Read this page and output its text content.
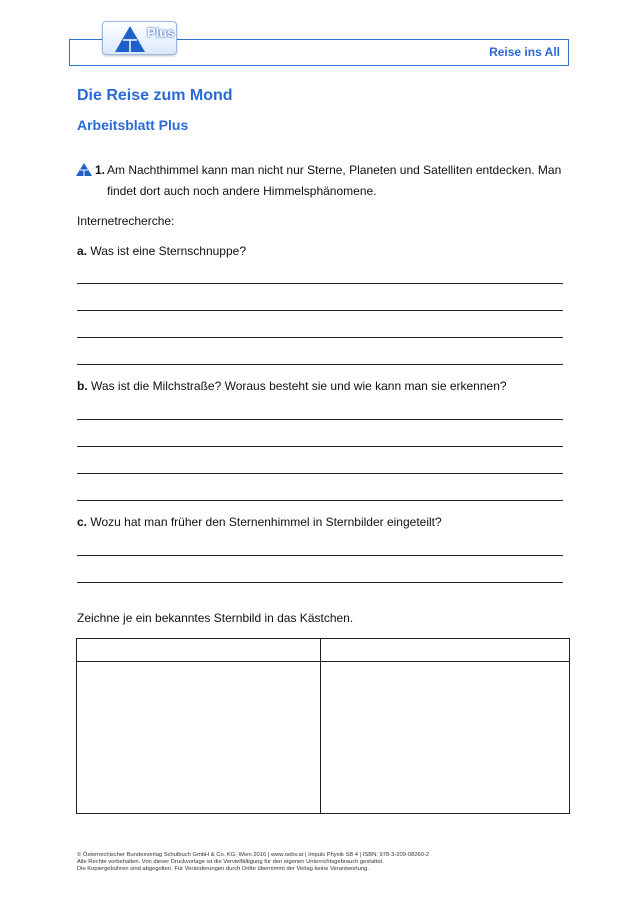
Reise ins All
Plus
Die Reise zum Mond
Arbeitsblatt Plus
1. Am Nachthimmel kann man nicht nur Sterne, Planeten und Satelliten entdecken. Man
findet dort auch noch andere Himmelsphänomene.
Internetrecherche:
a. Was ist eine Sternschnuppe?
b. Was ist die Milchstraße? Woraus besteht sie und wie kann man sie erkennen?
c. Wozu hat man früher den Sternenhimmel in Sternbilder eingeteilt?
Zeichne je ein bekanntes Sternbild in das Kästchen.
© Österreichischer Bundesverlag Schulbuch GmbH & Co. KG, Wien 2016 | www.oebv.at | Impuls Physik SB 4 | ISBN: 978-3-209-08260-2
Alle Rechte vorbehalten. Von dieser Druckvorlage ist die Vervielfältigung für den eigenen Unterrichtsgebrauch gestattet.
Die Kopiergebühren sind abgegolten. Für Veränderungen durch Dritte übernimmt der Verlag keine Verantwortung.
